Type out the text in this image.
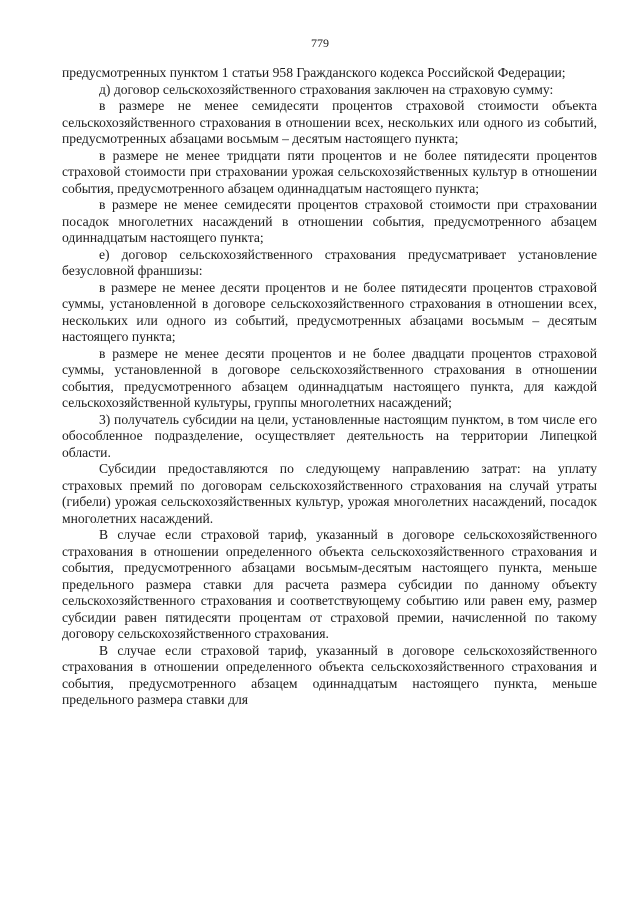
779

предусмотренных пунктом 1 статьи 958 Гражданского кодекса Российской Федерации;

д) договор сельскохозяйственного страхования заключен на страховую сумму:

в размере не менее семидесяти процентов страховой стоимости объекта сельскохозяйственного страхования в отношении всех, нескольких или одного из событий, предусмотренных абзацами восьмым – десятым настоящего пункта;

в размере не менее тридцати пяти процентов и не более пятидесяти процентов страховой стоимости при страховании урожая сельскохозяйственных культур в отношении события, предусмотренного абзацем одиннадцатым настоящего пункта;

в размере не менее семидесяти процентов страховой стоимости при страховании посадок многолетних насаждений в отношении события, предусмотренного абзацем одиннадцатым настоящего пункта;

е) договор сельскохозяйственного страхования предусматривает установление безусловной франшизы:

в размере не менее десяти процентов и не более пятидесяти процентов страховой суммы, установленной в договоре сельскохозяйственного страхования в отношении всех, нескольких или одного из событий, предусмотренных абзацами восьмым – десятым настоящего пункта;

в размере не менее десяти процентов и не более двадцати процентов страховой суммы, установленной в договоре сельскохозяйственного страхования в отношении события, предусмотренного абзацем одиннадцатым настоящего пункта, для каждой сельскохозяйственной культуры, группы многолетних насаждений;

3) получатель субсидии на цели, установленные настоящим пунктом, в том числе его обособленное подразделение, осуществляет деятельность на территории Липецкой области.

Субсидии предоставляются по следующему направлению затрат: на уплату страховых премий по договорам сельскохозяйственного страхования на случай утраты (гибели) урожая сельскохозяйственных культур, урожая многолетних насаждений, посадок многолетних насаждений.

В случае если страховой тариф, указанный в договоре сельскохозяйственного страхования в отношении определенного объекта сельскохозяйственного страхования и события, предусмотренного абзацами восьмым-десятым настоящего пункта, меньше предельного размера ставки для расчета размера субсидии по данному объекту сельскохозяйственного страхования и соответствующему событию или равен ему, размер субсидии равен пятидесяти процентам от страховой премии, начисленной по такому договору сельскохозяйственного страхования.

В случае если страховой тариф, указанный в договоре сельскохозяйственного страхования в отношении определенного объекта сельскохозяйственного страхования и события, предусмотренного абзацем одиннадцатым настоящего пункта, меньше предельного размера ставки для
